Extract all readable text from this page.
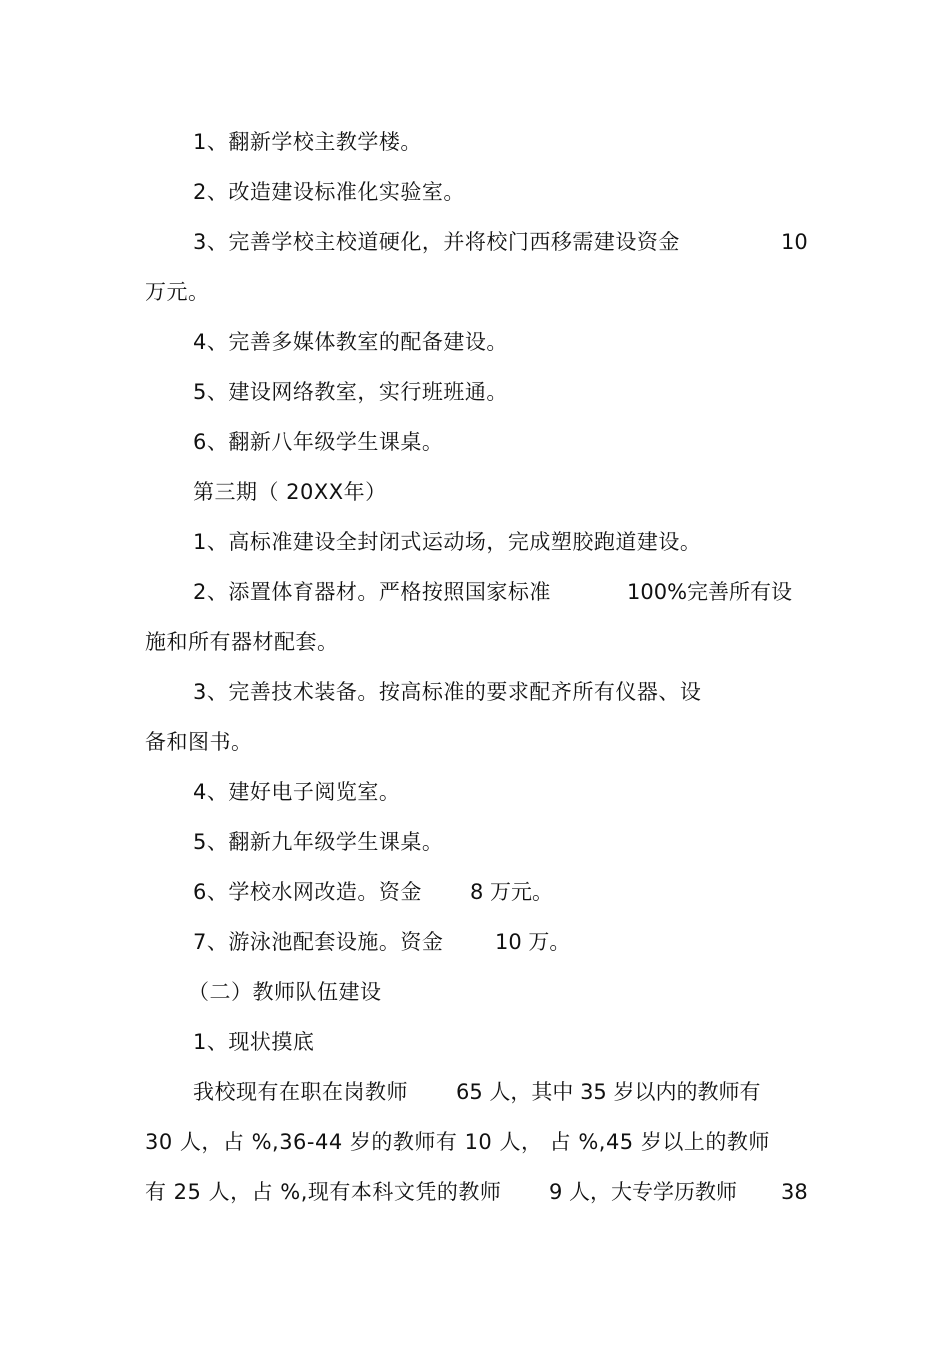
1、翻新学校主教学楼。
2、改造建设标准化实验室。
3、完善学校主校道硬化，并将校门西移需建设资金	10
万元。
4、完善多媒体教室的配备建设。
5、建设网络教室，实行班班通。
6、翻新八年级学生课桌。
第三期（ 20XX年）
1、高标准建设全封闭式运动场，完成塑胶跑道建设。
2、添置体育器材。严格按照国家标准	100%完善所有设
施和所有器材配套。
3、完善技术装备。按高标准的要求配齐所有仪器、设
备和图书。
4、建好电子阅览室。
5、翻新九年级学生课桌。
6、学校水网改造。资金 8 万元。
7、游泳池配套设施。资金 10 万。
（二）教师队伍建设
1、现状摸底
我校现有在职在岗教师 65 人，其中 35 岁以内的教师有
30 人，占 %,36-44 岁的教师有 10 人， 占 %,45 岁以上的教师
有 25 人，占 %,现有本科文凭的教师 9 人，大专学历教师 38
